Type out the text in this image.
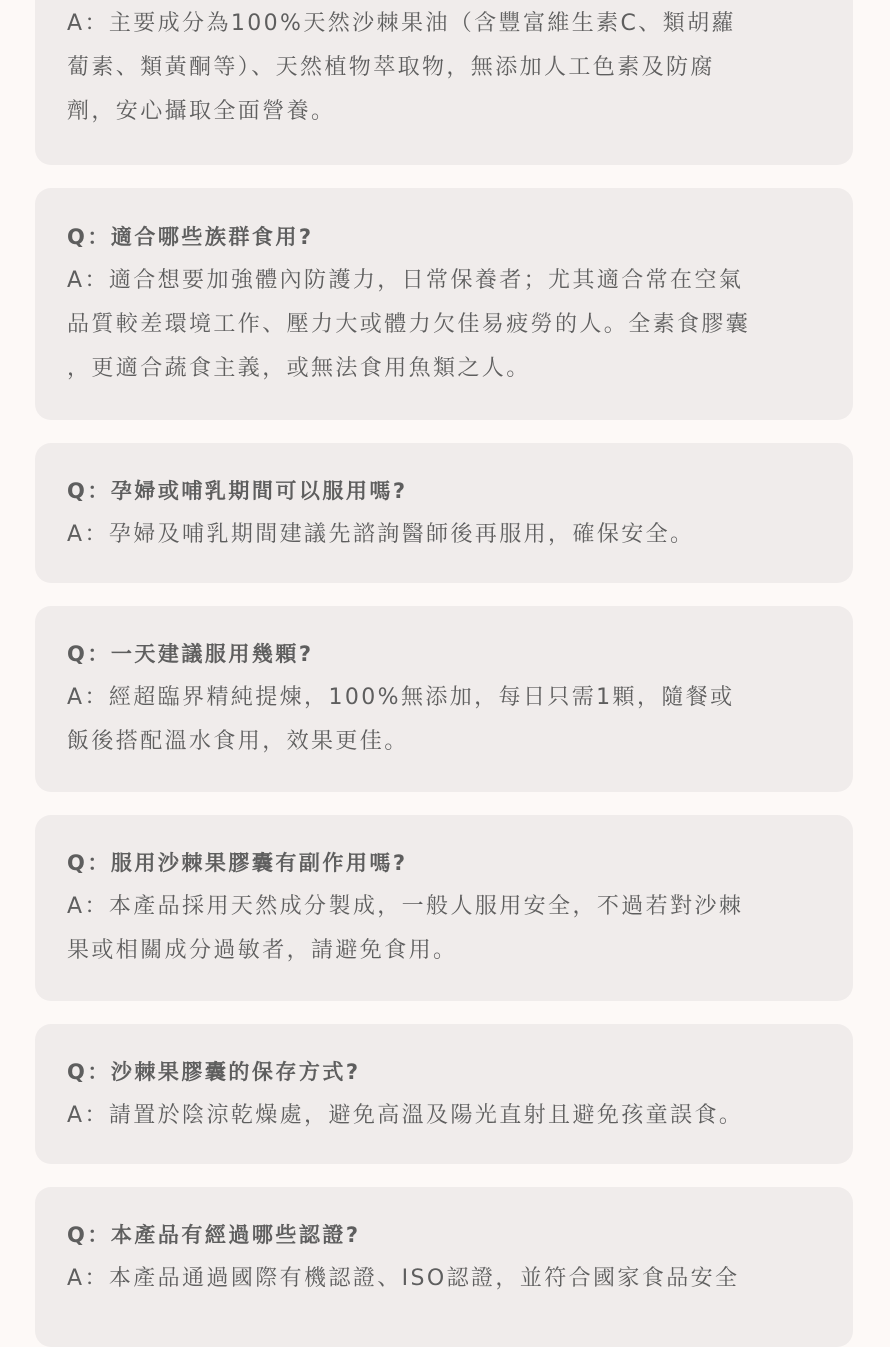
A：主要成分為100%天然沙棘果油（含豐富維生素C、類胡蘿
蔔素、類黃酮等）、天然植物萃取物，無添加人工色素及防腐
劑，安心攝取全面營養。

Q：適合哪些族群食用?

A：適合想要加強體內防護力，日常保養者；尤其適合常在空氣
品質較差環境工作、壓力大或體力欠佳易疲勞的人。全素食膠囊
，更適合蔬食主義，或無法食用魚類之人。

Q：孕婦或哺乳期間可以服用嗎?

A：孕婦及哺乳期間建議先諮詢醫師後再服用，確保安全。

Q：一天建議服用幾顆?

A：經超臨界精純提煉，100%無添加，每日只需1顆，隨餐或
飯後搭配溫水食用，效果更佳。

Q：服用沙棘果膠囊有副作用嗎?

A：本產品採用天然成分製成，一般人服用安全，不過若對沙棘
果或相關成分過敏者，請避免食用。

Q：沙棘果膠囊的保存方式?

A：請置於陰涼乾燥處，避免高溫及陽光直射且避免孩童誤食。

Q：本產品有經過哪些認證?

A：本產品通過國際有機認證、ISO認證，並符合國家食品安全
